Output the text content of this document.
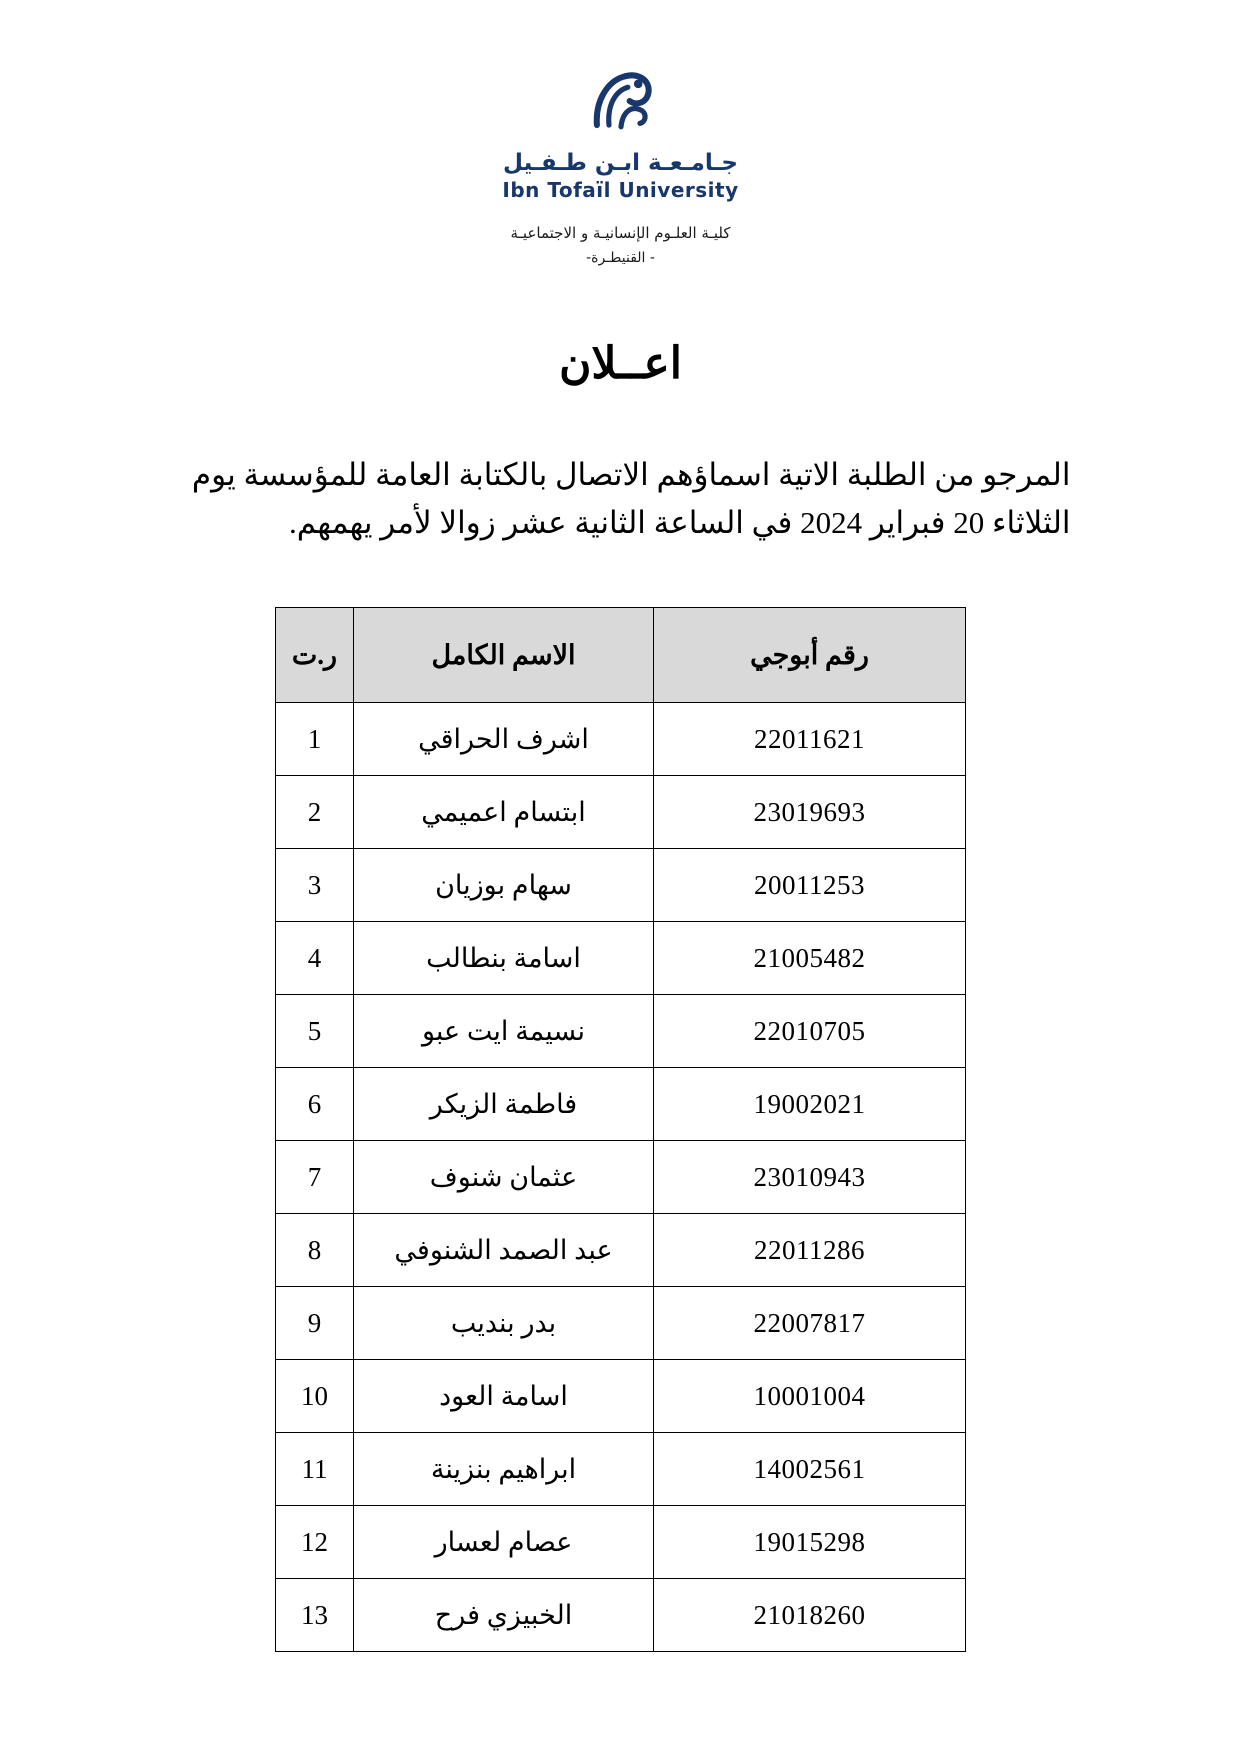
جـامـعـة ابـن طـفـيل
Ibn Tofaïl University
كليـة العلـوم الإنسانيـة و الاجتماعيـة
- القنيطـرة-
اعــلان
المرجو من الطلبة الاتية اسماؤهم الاتصال بالكتابة العامة للمؤسسة يوم الثلاثاء 20 فبراير 2024 في الساعة الثانية عشر زوالا لأمر يهمهم.
رقم أبوجي	الاسم الكامل	ر.ت
22011621	اشرف الحراقي	1
23019693	ابتسام اعميمي	2
20011253	سهام بوزيان	3
21005482	اسامة بنطالب	4
22010705	نسيمة ايت عبو	5
19002021	فاطمة الزيكر	6
23010943	عثمان شنوف	7
22011286	عبد الصمد الشنوفي	8
22007817	بدر بنديب	9
10001004	اسامة العود	10
14002561	ابراهيم بنزينة	11
19015298	عصام لعسار	12
21018260	الخبيزي فرح	13
